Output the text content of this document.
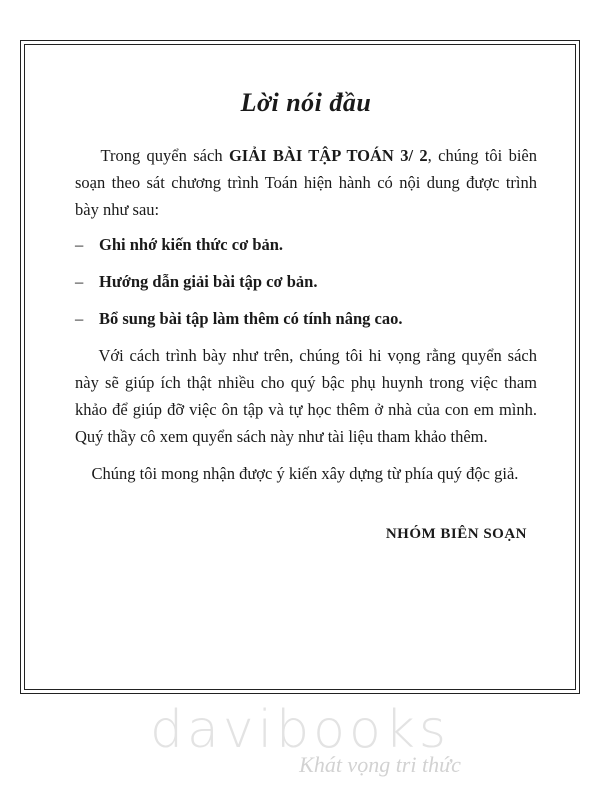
Lời nói đầu

Trong quyển sách GIẢI BÀI TẬP TOÁN 3/ 2, chúng tôi biên soạn theo sát chương trình Toán hiện hành có nội dung được trình bày như sau:

– Ghi nhớ kiến thức cơ bản.
– Hướng dẫn giải bài tập cơ bản.
– Bổ sung bài tập làm thêm có tính nâng cao.

Với cách trình bày như trên, chúng tôi hi vọng rằng quyển sách này sẽ giúp ích thật nhiều cho quý bậc phụ huynh trong việc tham khảo để giúp đỡ việc ôn tập và tự học thêm ở nhà của con em mình. Quý thầy cô xem quyển sách này như tài liệu tham khảo thêm.

Chúng tôi mong nhận được ý kiến xây dựng từ phía quý độc giả.

NHÓM BIÊN SOẠN
davibooks
Khát vọng tri thức
